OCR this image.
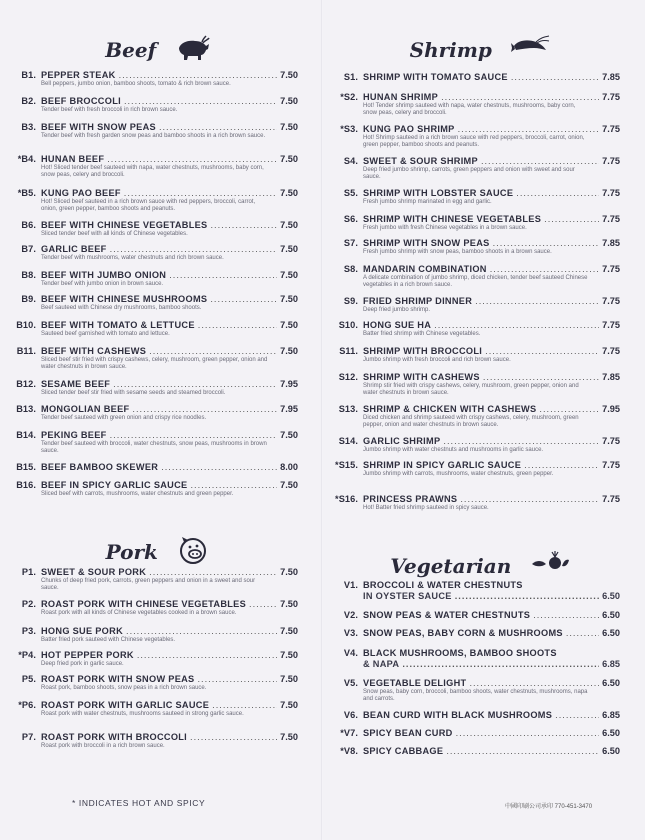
Beef
B1. PEPPER STEAK .....	7.50
Bell peppers, jumbo onion, bamboo shoots, tomato & rich brown sauce.
B2. BEEF BROCCOLI .....	7.50
Tender beef with fresh broccoli in rich brown sauce.
B3. BEEF WITH SNOW PEAS .....	7.50
Tender beef with fresh garden snow peas and bamboo shoots in a rich brown sauce.
*B4. HUNAN BEEF .....	7.50
Hot! Sliced tender beef sauteed with napa, water chestnuts, mushrooms, baby corn, snow peas, celery and broccoli.
*B5. KUNG PAO BEEF .....	7.50
Hot! Sliced beef sauteed in a rich brown sauce with red peppers, broccoli, carrot, onion, green pepper, bamboo shoots and peanuts.
B6. BEEF WITH CHINESE VEGETABLES .....	7.50
Sliced tender beef with all kinds of Chinese vegetables.
B7. GARLIC BEEF .....	7.50
Tender beef with mushrooms, water chestnuts and rich brown sauce.
B8. BEEF WITH JUMBO ONION .....	7.50
Tender beef with jumbo onion in brown sauce.
B9. BEEF WITH CHINESE MUSHROOMS .....	7.50
Beef sauteed with Chinese dry mushrooms, bamboo shoots.
B10. BEEF WITH TOMATO & LETTUCE .....	7.50
Sauteed beef garnished with tomato and lettuce.
B11. BEEF WITH CASHEWS .....	7.50
Sliced beef stir fried with crispy cashews, celery, mushroom, green pepper, onion and water chestnuts in brown sauce.
B12. SESAME BEEF .....	7.95
Sliced tender beef stir fried with sesame seeds and steamed broccoli.
B13. MONGOLIAN BEEF .....	7.95
Tender beef sauteed with green onion and crispy rice noodles.
B14. PEKING BEEF .....	7.50
Tender beef sauteed with broccoli, water chestnuts, snow peas, mushrooms in brown sauce.
B15. BEEF BAMBOO SKEWER .....	8.00
B16. BEEF IN SPICY GARLIC SAUCE .....	7.50
Sliced beef with carrots, mushrooms, water chestnuts and green pepper.
Pork
P1. SWEET & SOUR PORK .....	7.50
Chunks of deep fried pork, carrots, green peppers and onion in a sweet and sour sauce.
P2. ROAST PORK WITH CHINESE VEGETABLES .....	7.50
Roast pork with all kinds of Chinese vegetables cooked in a brown sauce.
P3. HONG SUE PORK .....	7.50
Batter fried pork sauteed with Chinese vegetables.
*P4. HOT PEPPER PORK .....	7.50
Deep fried pork in garlic sauce.
P5. ROAST PORK WITH SNOW PEAS .....	7.50
Roast pork, bamboo shoots, snow peas in a rich brown sauce.
*P6. ROAST PORK WITH GARLIC SAUCE .....	7.50
Roast pork with water chestnuts, mushrooms sauteed in strong garlic sauce.
P7. ROAST PORK WITH BROCCOLI .....	7.50
Roast pork with broccoli in a rich brown sauce.
Shrimp
S1. SHRIMP WITH TOMATO SAUCE .....	7.85
*S2. HUNAN SHRIMP .....	7.75
Hot! Tender shrimp sauteed with napa, water chestnuts, mushrooms, baby corn, snow peas, celery and broccoli.
*S3. KUNG PAO SHRIMP .....	7.75
Hot! Shrimp sauteed in a rich brown sauce with red peppers, broccoli, carrot, onion, green pepper, bamboo shoots and peanuts.
S4. SWEET & SOUR SHRIMP .....	7.75
Deep fried jumbo shrimp, carrots, green peppers and onion with sweet and sour sauce.
S5. SHRIMP WITH LOBSTER SAUCE .....	7.75
Fresh jumbo shrimp marinated in egg and garlic.
S6. SHRIMP WITH CHINESE VEGETABLES .....	7.75
Fresh jumbo with fresh Chinese vegetables in a brown sauce.
S7. SHRIMP WITH SNOW PEAS .....	7.85
Fresh jumbo shrimp with snow peas, bamboo shoots in a brown sauce.
S8. MANDARIN COMBINATION .....	7.75
A delicate combination of jumbo shrimp, diced chicken, tender beef sauteed Chinese vegetables in a rich brown sauce.
S9. FRIED SHRIMP DINNER .....	7.75
Deep fried jumbo shrimp.
S10. HONG SUE HA .....	7.75
Batter fried shrimp with Chinese vegetables.
S11. SHRIMP WITH BROCCOLI .....	7.75
Jumbo shrimp with fresh broccoli and rich brown sauce.
S12. SHRIMP WITH CASHEWS .....	7.85
Shrimp stir fried with crispy cashews, celery, mushroom, green pepper, onion and water chestnuts in brown sauce.
S13. SHRIMP & CHICKEN WITH CASHEWS .....	7.95
Diced chicken and shrimp sauteed with crispy cashews, celery, mushroom, green pepper, onion and water chestnuts in brown sauce.
S14. GARLIC SHRIMP .....	7.75
Jumbo shrimp with water chestnuts and mushrooms in garlic sauce.
*S15. SHRIMP IN SPICY GARLIC SAUCE .....	7.75
Jumbo shrimp with carrots, mushrooms, water chestnuts, green pepper.
*S16. PRINCESS PRAWNS .....	7.75
Hot! Batter fried shrimp sauteed in spicy sauce.
Vegetarian
V1. BROCCOLI & WATER CHESTNUTS
IN OYSTER SAUCE .....	6.50
V2. SNOW PEAS & WATER CHESTNUTS .....	6.50
V3. SNOW PEAS, BABY CORN & MUSHROOMS .....	6.50
V4. BLACK MUSHROOMS, BAMBOO SHOOTS
& NAPA .....	6.85
V5. VEGETABLE DELIGHT .....	6.50
Snow peas, baby corn, broccoli, bamboo shoots, water chestnuts, mushrooms, napa and carrots.
V6. BEAN CURD WITH BLACK MUSHROOMS .....	6.85
*V7. SPICY BEAN CURD .....	6.50
*V8. SPICY CABBAGE .....	6.50
* INDICATES HOT AND SPICY	中國印刷公司承印 770-451-3470
